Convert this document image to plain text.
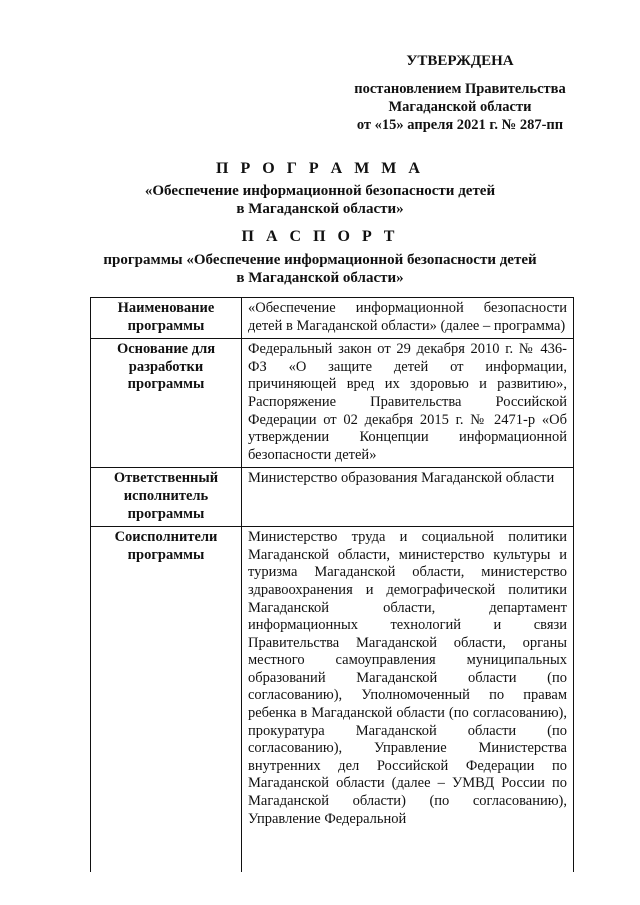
УТВЕРЖДЕНА
постановлением Правительства
Магаданской области
от «15» апреля 2021 г. № 287-пп
П Р О Г Р А М М А
«Обеспечение информационной безопасности детей
в Магаданской области»
П А С П О Р Т
программы «Обеспечение информационной безопасности детей
в Магаданской области»
Наименование программы	«Обеспечение информационной безопасности детей в Магаданской области» (далее – программа)
Основание для разработки программы	Федеральный закон от 29 декабря 2010 г. № 436-ФЗ «О защите детей от информации, причиняющей вред их здоровью и развитию», Распоряжение Правительства Российской Федерации от 02 декабря 2015 г. № 2471-р «Об утверждении Концепции информационной безопасности детей»
Ответственный исполнитель программы	Министерство образования Магаданской области
Соисполнители программы	Министерство труда и социальной политики Магаданской области, министерство культуры и туризма Магаданской области, министерство здравоохранения и демографической политики Магаданской области, департамент информационных технологий и связи Правительства Магаданской области, органы местного самоуправления муниципальных образований Магаданской области (по согласованию), Уполномоченный по правам ребенка в Магаданской области (по согласованию), прокуратура Магаданской области (по согласованию), Управление Министерства внутренних дел Российской Федерации по Магаданской области (далее – УМВД России по Магаданской области) (по согласованию), Управление Федеральной
